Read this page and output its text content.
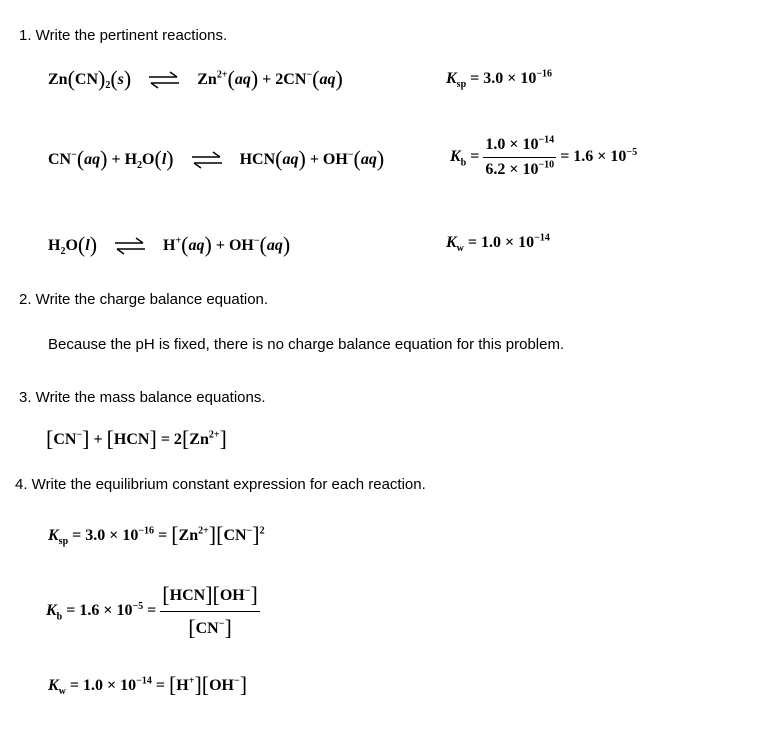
1. Write the pertinent reactions.
$Zn(CN)_2(s)$ ⇌ $Zn^{2+}(aq) + 2CN^-(aq)$	$K_{sp} = 3.0 \times 10^{-16}$
$CN^-(aq) + H_2O(l)$ ⇌ HCN(aq) + OH−(aq)	$K_b = \frac{1.0 \times 10^{-14}}{6.2 \times 10^{-10}} = 1.6 \times 10^{-5}$
$H_2O(l)$ ⇌ H+(aq) + OH−(aq)	$K_w = 1.0 \times 10^{-14}$
2. Write the charge balance equation.
Because the pH is fixed, there is no charge balance equation for this problem.
3. Write the mass balance equations.
$[CN^-] + [HCN] = 2[Zn^{2+}]$
4. Write the equilibrium constant expression for each reaction.
$K_{sp} = 3.0 \times 10^{-16} = [Zn^{2+}][CN^-]^2$
$K_b = 1.6 \times 10^{-5} = \frac{[HCN][OH^-]}{[CN^-]}$
$K_w = 1.0 \times 10^{-14} = [H^+][OH^-]$
